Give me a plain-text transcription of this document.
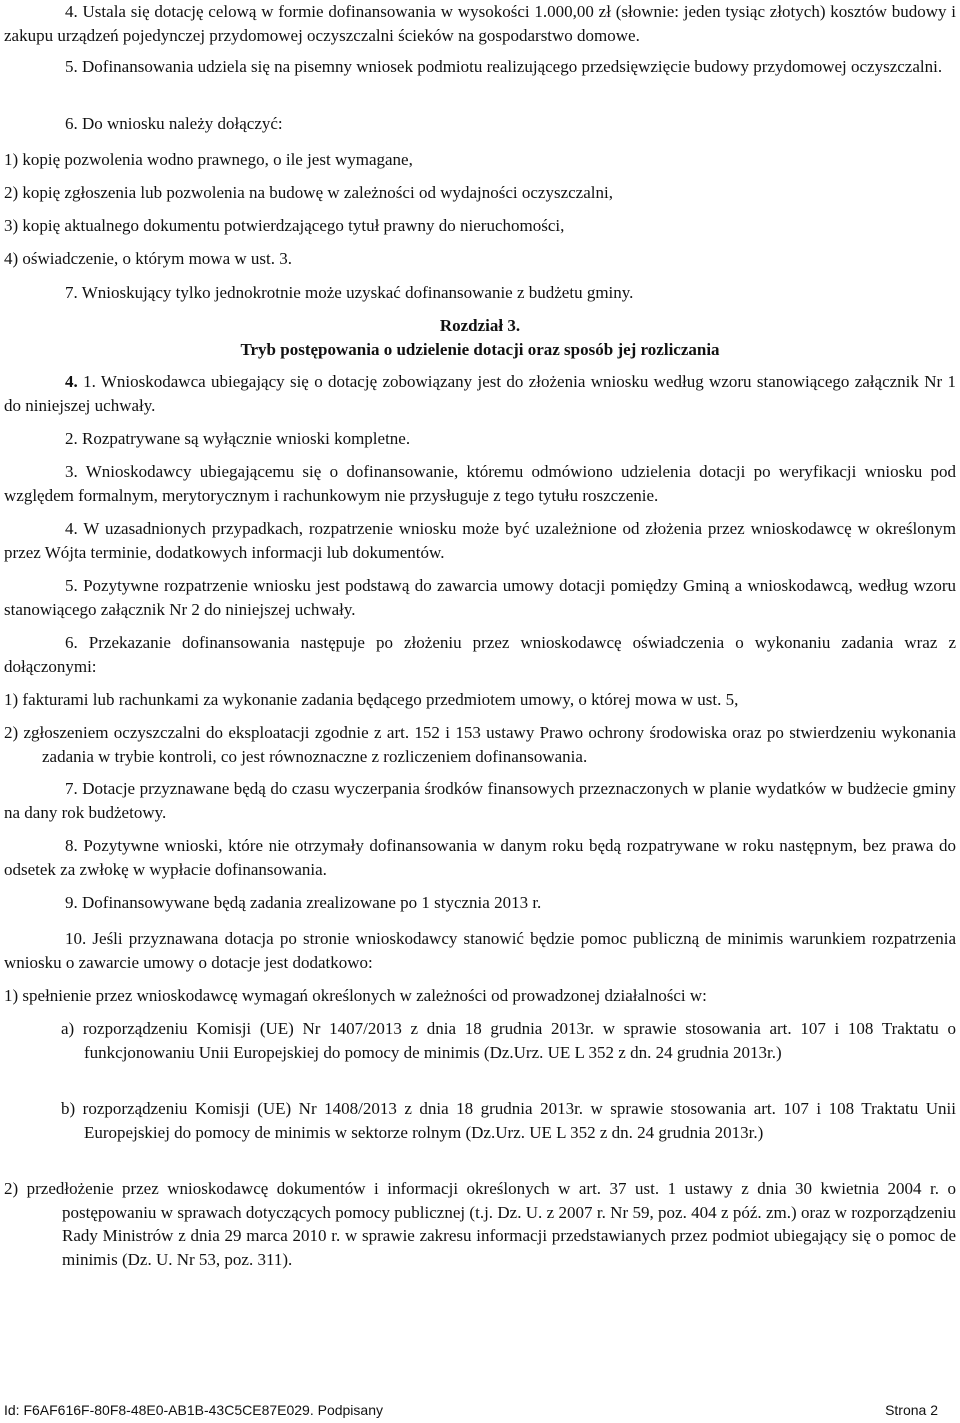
4. Ustala się dotację celową w formie dofinansowania w wysokości 1.000,00 zł (słownie: jeden tysiąc złotych) kosztów budowy i zakupu urządzeń pojedynczej przydomowej oczyszczalni ścieków na gospodarstwo domowe.

5. Dofinansowania udziela się na pisemny wniosek podmiotu realizującego przedsięwzięcie budowy przydomowej oczyszczalni.

6. Do wniosku należy dołączyć:

1) kopię pozwolenia wodno prawnego, o ile jest wymagane,

2) kopię zgłoszenia lub pozwolenia na budowę w zależności od wydajności oczyszczalni,

3) kopię aktualnego dokumentu potwierdzającego tytuł prawny do nieruchomości,

4) oświadczenie, o którym mowa w ust. 3.

7. Wnioskujący tylko jednokrotnie może uzyskać dofinansowanie z budżetu gminy.

Rozdział 3.

Tryb postępowania o udzielenie dotacji oraz sposób jej rozliczania

4. 1. Wnioskodawca ubiegający się o dotację zobowiązany jest do złożenia wniosku według wzoru stanowiącego załącznik Nr 1 do niniejszej uchwały.

2. Rozpatrywane są wyłącznie wnioski kompletne.

3. Wnioskodawcy ubiegającemu się o dofinansowanie, któremu odmówiono udzielenia dotacji po weryfikacji wniosku pod względem formalnym, merytorycznym i rachunkowym nie przysługuje z tego tytułu roszczenie.

4. W uzasadnionych przypadkach, rozpatrzenie wniosku może być uzależnione od złożenia przez wnioskodawcę w określonym przez Wójta terminie, dodatkowych informacji lub dokumentów.

5. Pozytywne rozpatrzenie wniosku jest podstawą do zawarcia umowy dotacji pomiędzy Gminą a wnioskodawcą, według wzoru stanowiącego załącznik Nr 2 do niniejszej uchwały.

6. Przekazanie dofinansowania następuje po złożeniu przez wnioskodawcę oświadczenia o wykonaniu zadania wraz z dołączonymi:

1) fakturami lub rachunkami za wykonanie zadania będącego przedmiotem umowy, o której mowa w ust. 5,

2) zgłoszeniem oczyszczalni do eksploatacji zgodnie z art. 152 i 153 ustawy Prawo ochrony środowiska oraz po stwierdzeniu wykonania zadania w trybie kontroli, co jest równoznaczne z rozliczeniem dofinansowania.

7. Dotacje przyznawane będą do czasu wyczerpania środków finansowych przeznaczonych w planie wydatków w budżecie gminy na dany rok budżetowy.

8. Pozytywne wnioski, które nie otrzymały dofinansowania w danym roku będą rozpatrywane w roku następnym, bez prawa do odsetek za zwłokę w wypłacie dofinansowania.

9. Dofinansowywane będą zadania zrealizowane po 1 stycznia 2013 r.

10. Jeśli przyznawana dotacja po stronie wnioskodawcy stanowić będzie pomoc publiczną de minimis warunkiem rozpatrzenia wniosku o zawarcie umowy o dotacje jest dodatkowo:

1) spełnienie przez wnioskodawcę wymagań określonych w zależności od prowadzonej działalności w:

a) rozporządzeniu Komisji (UE) Nr 1407/2013 z dnia 18 grudnia 2013r. w sprawie stosowania art. 107 i 108 Traktatu o funkcjonowaniu Unii Europejskiej do pomocy de minimis (Dz.Urz. UE L 352 z dn. 24 grudnia 2013r.)

b) rozporządzeniu Komisji (UE) Nr 1408/2013 z dnia 18 grudnia 2013r. w sprawie stosowania art. 107 i 108 Traktatu Unii Europejskiej do pomocy de minimis w sektorze rolnym (Dz.Urz. UE L 352 z dn. 24 grudnia 2013r.)

2) przedłożenie przez wnioskodawcę dokumentów i informacji określonych w art. 37 ust. 1 ustawy z dnia 30 kwietnia 2004 r. o postępowaniu w sprawach dotyczących pomocy publicznej (t.j. Dz. U. z 2007 r. Nr 59, poz. 404 z póź. zm.) oraz w rozporządzeniu Rady Ministrów z dnia 29 marca 2010 r. w sprawie zakresu informacji przedstawianych przez podmiot ubiegający się o pomoc de minimis (Dz. U. Nr 53, poz. 311).

Id: F6AF616F-80F8-48E0-AB1B-43C5CE87E029. Podpisany	Strona 2
